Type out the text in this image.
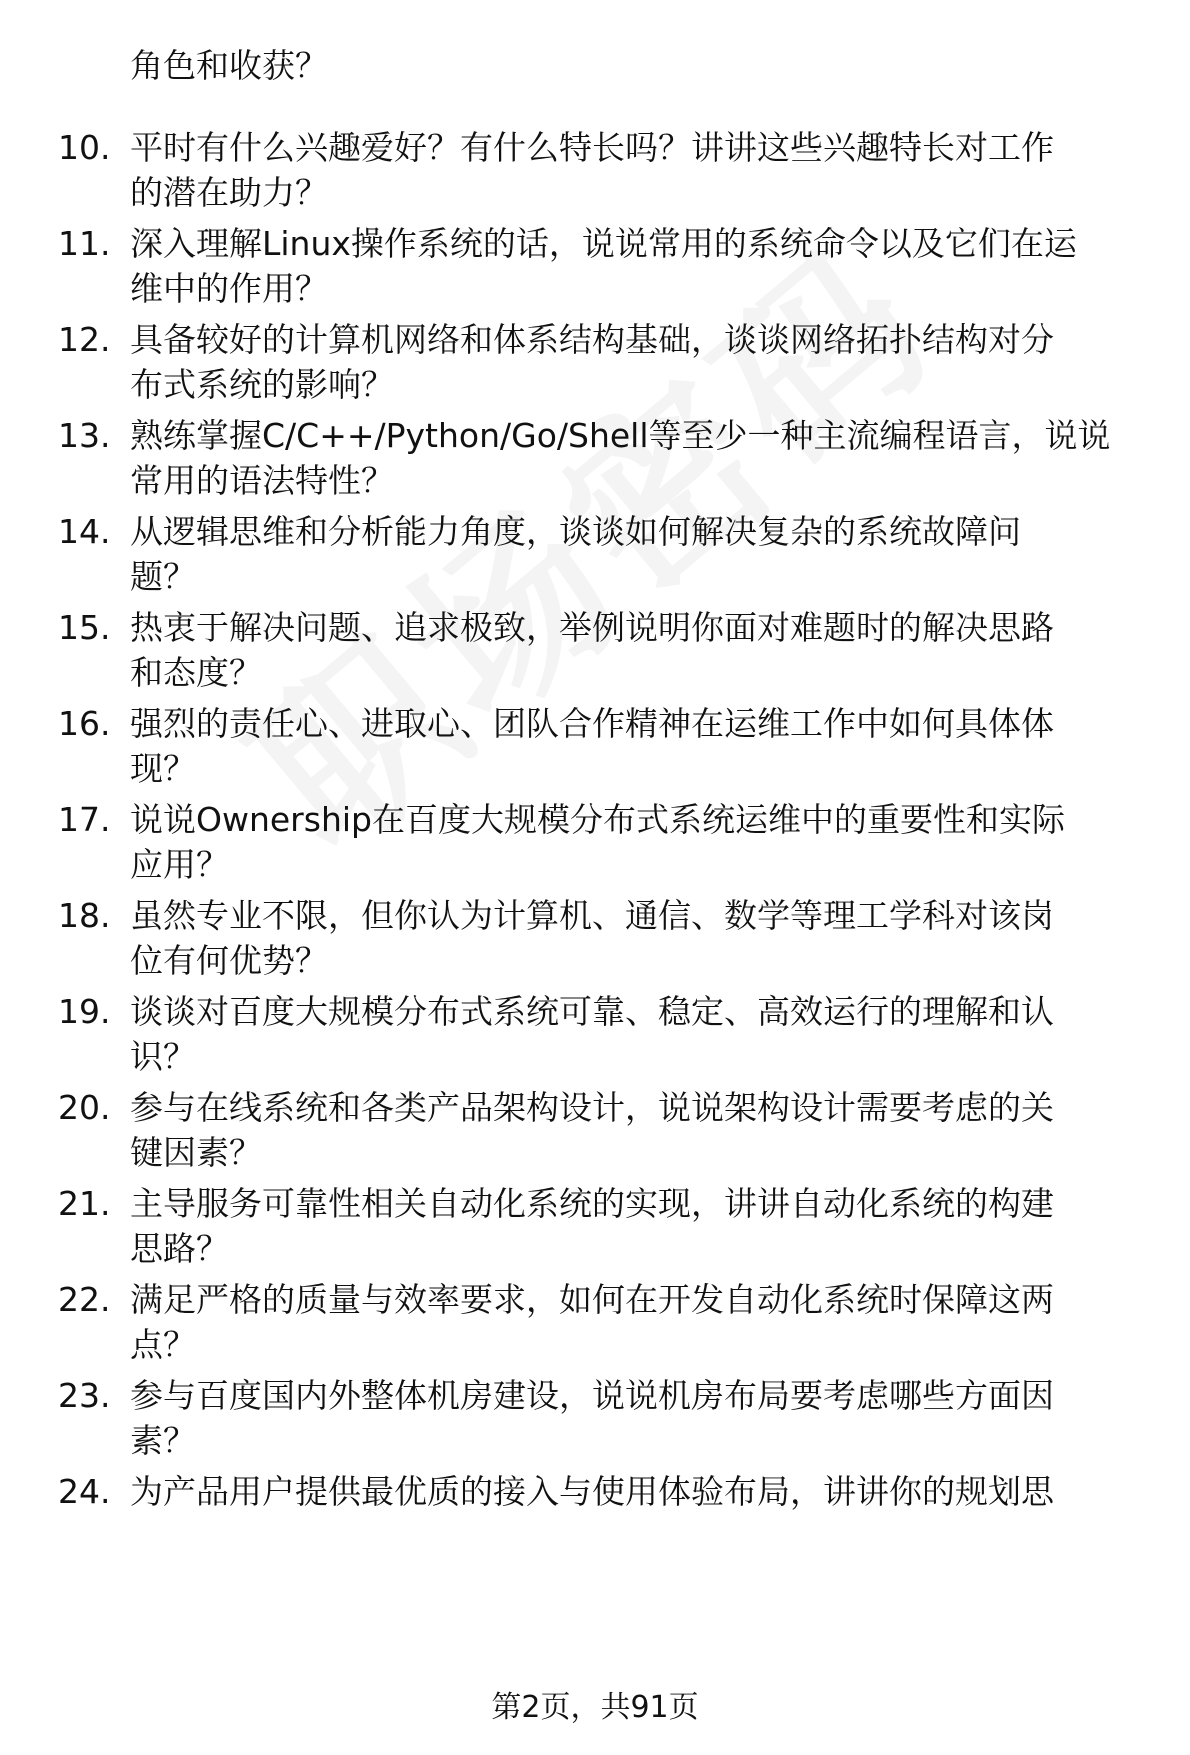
角色和收获？
10. 平时有什么兴趣爱好？有什么特长吗？讲讲这些兴趣特长对工作
的潜在助力？
11. 深入理解Linux操作系统的话，说说常用的系统命令以及它们在运
维中的作用？
12. 具备较好的计算机网络和体系结构基础，谈谈网络拓扑结构对分
布式系统的影响？
13. 熟练掌握C/C++/Python/Go/Shell等至少一种主流编程语言，说说
常用的语法特性？
14. 从逻辑思维和分析能力角度，谈谈如何解决复杂的系统故障问
题？
15. 热衷于解决问题、追求极致，举例说明你面对难题时的解决思路
和态度？
16. 强烈的责任心、进取心、团队合作精神在运维工作中如何具体体
现？
17. 说说Ownership在百度大规模分布式系统运维中的重要性和实际
应用？
18. 虽然专业不限，但你认为计算机、通信、数学等理工学科对该岗
位有何优势？
19. 谈谈对百度大规模分布式系统可靠、稳定、高效运行的理解和认
识？
20. 参与在线系统和各类产品架构设计，说说架构设计需要考虑的关
键因素？
21. 主导服务可靠性相关自动化系统的实现，讲讲自动化系统的构建
思路？
22. 满足严格的质量与效率要求，如何在开发自动化系统时保障这两
点？
23. 参与百度国内外整体机房建设，说说机房布局要考虑哪些方面因
素？
24. 为产品用户提供最优质的接入与使用体验布局，讲讲你的规划思
第2页，共91页
